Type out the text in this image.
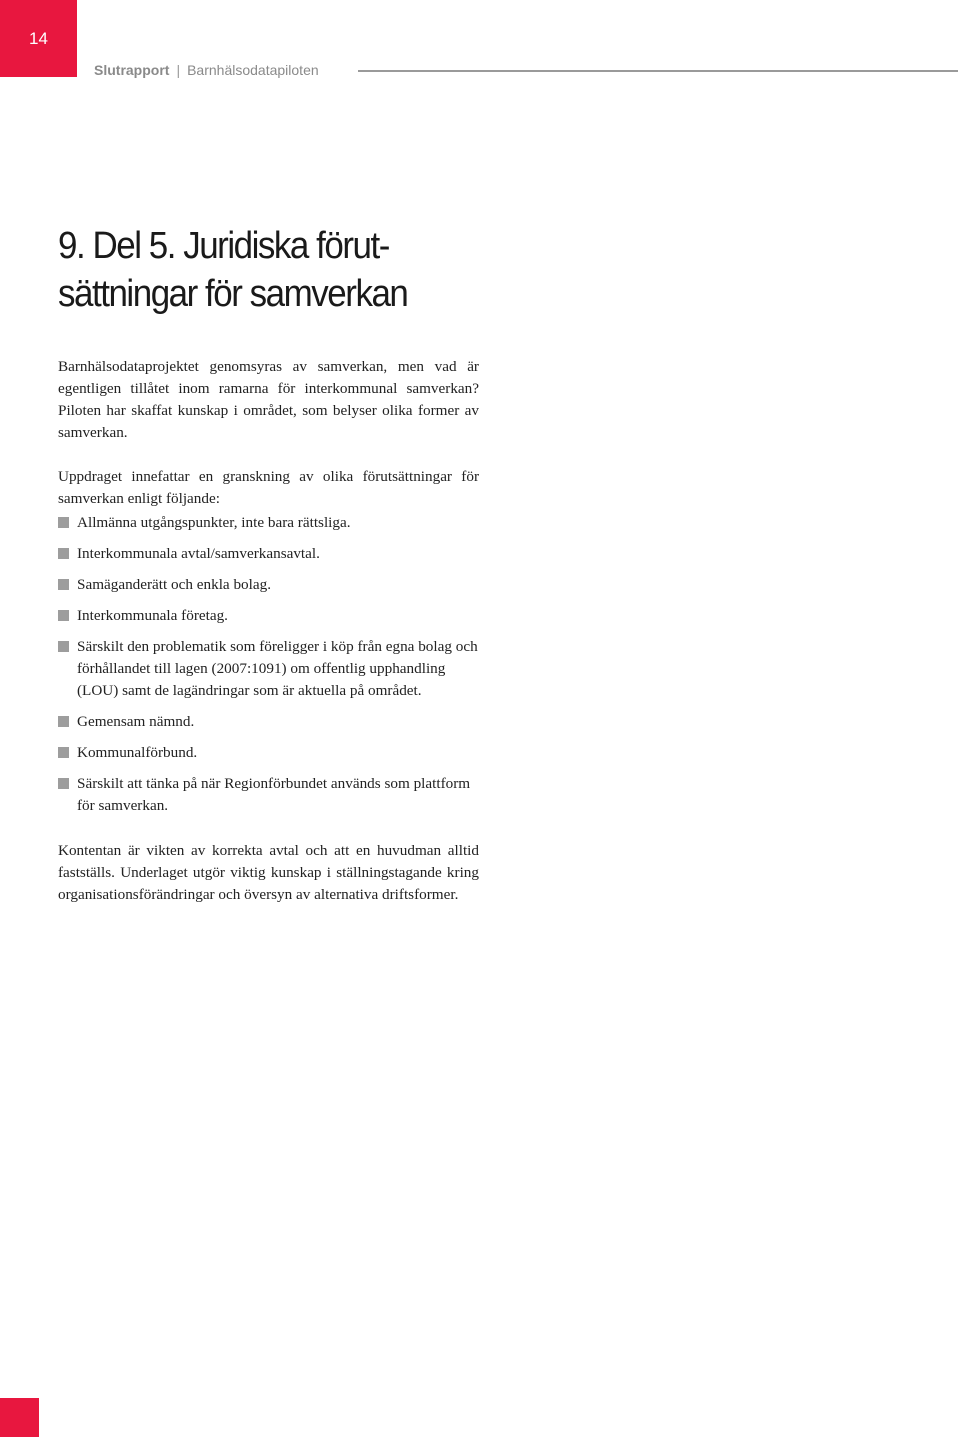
14
Slutrapport | Barnhälsodatapiloten
9. Del 5. Juridiska förut-
sättningar för samverkan

Barnhälsodataprojektet genomsyras av samverkan, men vad är egentligen tillåtet inom ramarna för interkommunal samverkan? Piloten har skaffat kunskap i området, som belyser olika former av samverkan.

Uppdraget innefattar en granskning av olika förutsättningar för samverkan enligt följande:

Allmänna utgångspunkter, inte bara rättsliga.
Interkommunala avtal/samverkansavtal.
Samäganderätt och enkla bolag.
Interkommunala företag.
Särskilt den problematik som föreligger i köp från egna bolag och förhållandet till lagen (2007:1091) om offentlig upphandling (LOU) samt de lagändringar som är aktuella på området.
Gemensam nämnd.
Kommunalförbund.
Särskilt att tänka på när Regionförbundet används som plattform för samverkan.

Kontentan är vikten av korrekta avtal och att en huvudman alltid fastställs. Underlaget utgör viktig kunskap i ställningstagande kring organisationsförändringar och översyn av alternativa driftsformer.
